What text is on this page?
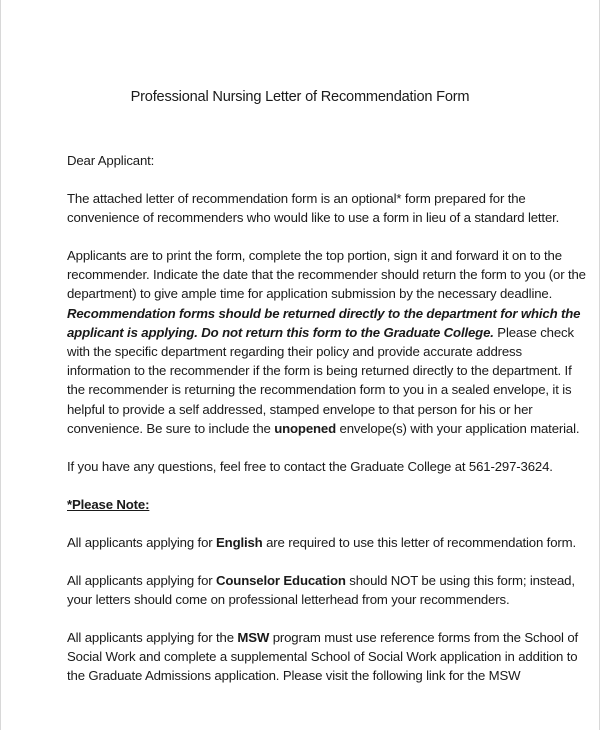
Professional Nursing Letter of Recommendation Form
Dear Applicant:
The attached letter of recommendation form is an optional* form prepared for the
convenience of recommenders who would like to use a form in lieu of a standard letter.
Applicants are to print the form, complete the top portion, sign it and forward it on to the
recommender. Indicate the date that the recommender should return the form to you (or the
department) to give ample time for application submission by the necessary deadline.
Recommendation forms should be returned directly to the department for which the
applicant is applying. Do not return this form to the Graduate College. Please check
with the specific department regarding their policy and provide accurate address
information to the recommender if the form is being returned directly to the department. If
the recommender is returning the recommendation form to you in a sealed envelope, it is
helpful to provide a self addressed, stamped envelope to that person for his or her
convenience. Be sure to include the unopened envelope(s) with your application material.
If you have any questions, feel free to contact the Graduate College at 561-297-3624.
*Please Note:
All applicants applying for English are required to use this letter of recommendation form.
All applicants applying for Counselor Education should NOT be using this form; instead,
your letters should come on professional letterhead from your recommenders.
All applicants applying for the MSW program must use reference forms from the School of
Social Work and complete a supplemental School of Social Work application in addition to
the Graduate Admissions application. Please visit the following link for the MSW
